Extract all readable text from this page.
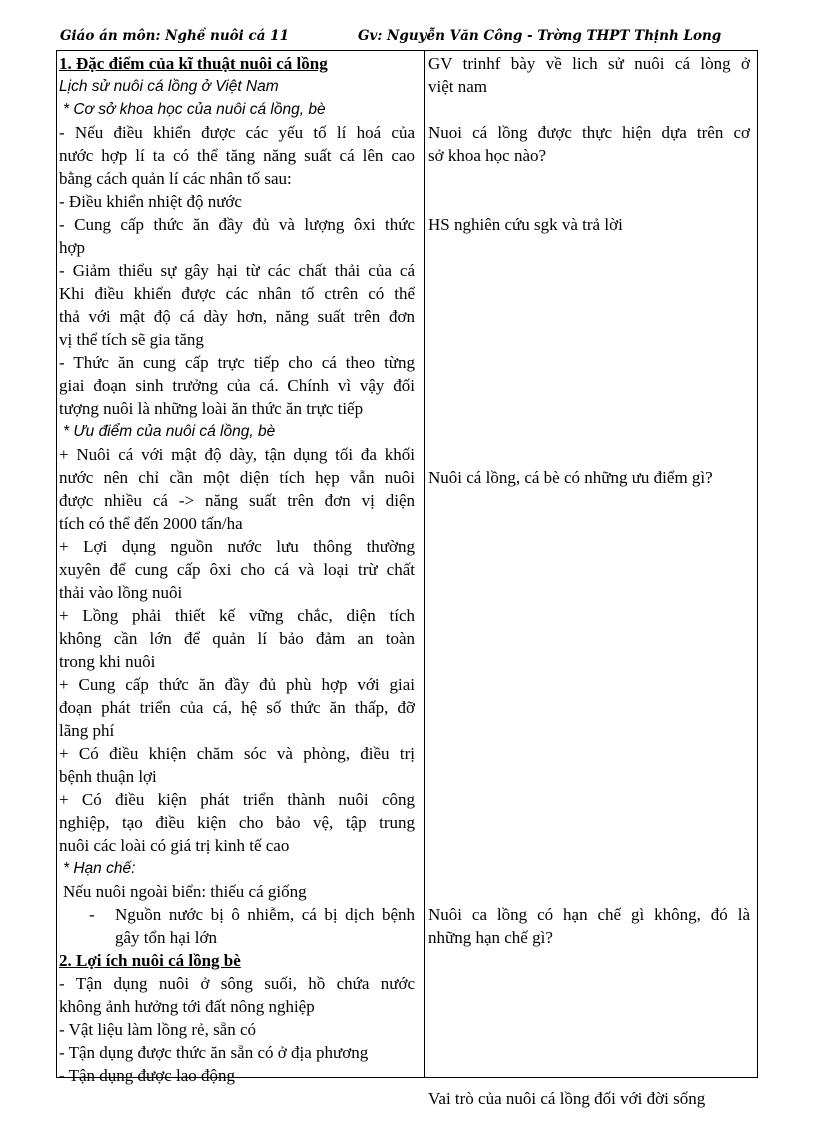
Giáo án môn: Nghề nuôi cá 11	Gv: Nguyễn Văn Công - Trờng THPT Thịnh Long
1. Đặc điểm của kĩ thuật nuôi cá lồng
Lịch sử nuôi cá lồng ở Việt Nam
* Cơ sở khoa học của nuôi cá lồng, bè
- Nếu điều khiển được các yếu tố lí hoá của
nước hợp lí ta có thể tăng năng suất cá lên cao
bằng cách quản lí các nhân tố sau:
- Điều khiển nhiệt độ nước
- Cung cấp thức ăn đầy đủ và lượng ôxi thức
hợp
- Giảm thiểu sự gây hại từ các chất thải của cá
Khi điều khiển được các nhân tố ctrên có thể
thả với mật độ cá dày hơn, năng suất trên đơn
vị thể tích sẽ gia tăng
- Thức ăn cung cấp trực tiếp cho cá theo từng
giai đoạn sinh trưởng của cá. Chính vì vậy đối
tượng nuôi là những loài ăn thức ăn trực tiếp
* Ưu điểm của nuôi cá lồng, bè
+ Nuôi cá với mật độ dày, tận dụng tối đa khối
nước nên chỉ cần một diện tích hẹp vẫn nuôi
được nhiều cá -> năng suất trên đơn vị diện
tích có thể đến 2000 tấn/ha
+ Lợi dụng nguồn nước lưu thông thường
xuyên để cung cấp ôxi cho cá và loại trừ chất
thải vào lồng nuôi
+ Lồng phải thiết kế vững chắc, diện tích
không cần lớn để quản lí bảo đảm an toàn
trong khi nuôi
+ Cung cấp thức ăn đầy đủ phù hợp với giai
đoạn phát triển của cá, hệ số thức ăn thấp, đỡ
lãng phí
+ Có điều khiện chăm sóc và phòng, điều trị
bệnh thuận lợi
+ Có điều kiện phát triển thành nuôi công
nghiệp, tạo điều kiện cho bảo vệ, tập trung
nuôi các loài có giá trị kinh tế cao
* Hạn chế:
Nếu nuôi ngoài biển: thiếu cá giống
-	Nguồn nước bị ô nhiễm, cá bị dịch bệnh
gây tổn hại lớn
2. Lợi ích nuôi cá lồng bè
- Tận dụng nuôi ở sông suối, hồ chứa nước
không ảnh hưởng tới đất nông nghiệp
- Vật liệu làm lồng rẻ, sẵn có
- Tận dụng được thức ăn sẵn có ở địa phương
- Tận dụng được lao động
GV trinhf bày về lich sử nuôi cá lòng ở
việt nam
Nuoi cá lồng được thực hiện dựa trên cơ
sở khoa học nào?
HS nghiên cứu sgk và trả lời
Nuôi cá lồng, cá bè có những ưu điểm gì?
Nuôi ca lồng có hạn chế gì không, đó là
những hạn chế gì?
Vai trò của nuôi cá lồng đối với đời sống
